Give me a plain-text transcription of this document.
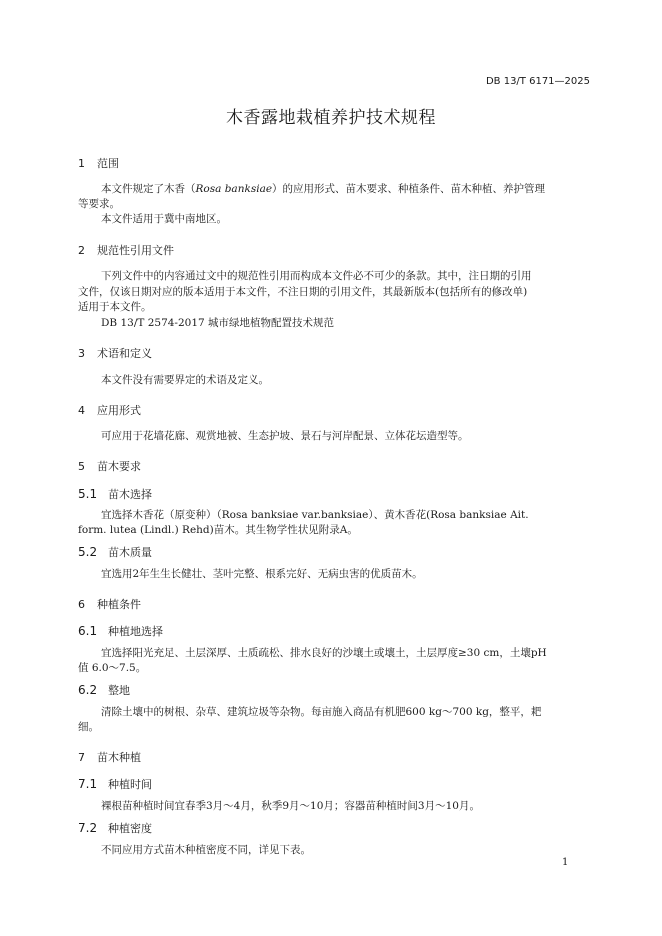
DB 13/T 6171—2025
木香露地栽植养护技术规程
1 范围
本文件规定了木香（Rosa banksiae）的应用形式、苗木要求、种植条件、苗木种植、养护管理
等要求。
本文件适用于冀中南地区。
2 规范性引用文件
下列文件中的内容通过文中的规范性引用而构成本文件必不可少的条款。其中，注日期的引用
文件，仅该日期对应的版本适用于本文件，不注日期的引用文件，其最新版本(包括所有的修改单)
适用于本文件。
DB 13/T 2574-2017 城市绿地植物配置技术规范
3 术语和定义
本文件没有需要界定的术语及定义。
4 应用形式
可应用于花墙花廊、观赏地被、生态护坡、景石与河岸配景、立体花坛造型等。
5 苗木要求
5.1 苗木选择
宜选择木香花（原变种）（Rosa banksiae var.banksiae）、黄木香花(Rosa banksiae Ait.
form. lutea (Lindl.) Rehd)苗木。其生物学性状见附录A。
5.2 苗木质量
宜选用2年生生长健壮、茎叶完整、根系完好、无病虫害的优质苗木。
6 种植条件
6.1 种植地选择
宜选择阳光充足、土层深厚、土质疏松、排水良好的沙壤土或壤土，土层厚度≥30 cm，土壤pH
值 6.0～7.5。
6.2 整地
清除土壤中的树根、杂草、建筑垃圾等杂物。每亩施入商品有机肥600 kg～700 kg，整平，耙
细。
7 苗木种植
7.1 种植时间
裸根苗种植时间宜春季3月～4月，秋季9月～10月；容器苗种植时间3月～10月。
7.2 种植密度
不同应用方式苗木种植密度不同，详见下表。
1
